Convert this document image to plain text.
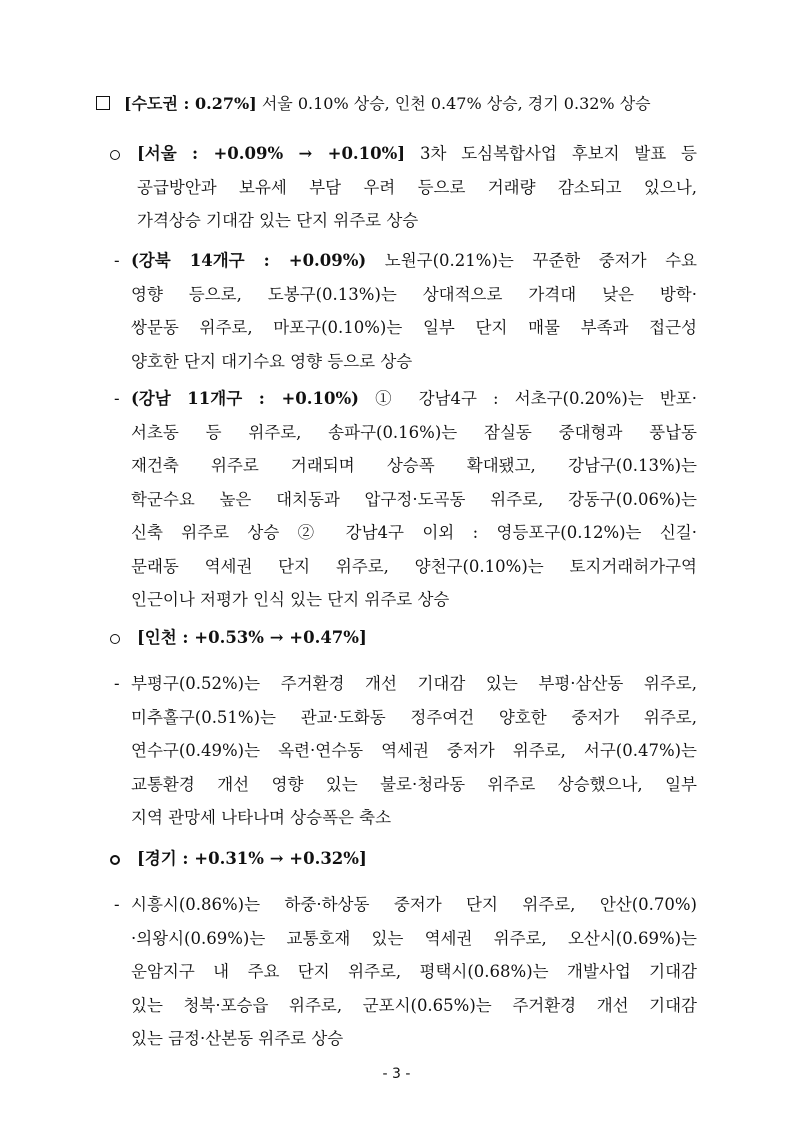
[수도권 : 0.27%] 서울 0.10% 상승, 인천 0.47% 상승, 경기 0.32% 상승
[서울 : +0.09% → +0.10%] 3차 도심복합사업 후보지 발표 등
공급방안과 보유세 부담 우려 등으로 거래량 감소되고 있으나,
가격상승 기대감 있는 단지 위주로 상승
- (강북 14개구 : +0.09%) 노원구(0.21%)는 꾸준한 중저가 수요
영향 등으로, 도봉구(0.13%)는 상대적으로 가격대 낮은 방학·
쌍문동 위주로, 마포구(0.10%)는 일부 단지 매물 부족과 접근성
양호한 단지 대기수요 영향 등으로 상승
- (강남 11개구 : +0.10%) ① 강남4구 : 서초구(0.20%)는 반포·
서초동 등 위주로, 송파구(0.16%)는 잠실동 중대형과 풍납동
재건축 위주로 거래되며 상승폭 확대됐고, 강남구(0.13%)는
학군수요 높은 대치동과 압구정·도곡동 위주로, 강동구(0.06%)는
신축 위주로 상승 ② 강남4구 이외 : 영등포구(0.12%)는 신길·
문래동 역세권 단지 위주로, 양천구(0.10%)는 토지거래허가구역
인근이나 저평가 인식 있는 단지 위주로 상승
[인천 : +0.53% → +0.47%]
- 부평구(0.52%)는 주거환경 개선 기대감 있는 부평·삼산동 위주로,
미추홀구(0.51%)는 관교·도화동 정주여건 양호한 중저가 위주로,
연수구(0.49%)는 옥련·연수동 역세권 중저가 위주로, 서구(0.47%)는
교통환경 개선 영향 있는 불로·청라동 위주로 상승했으나, 일부
지역 관망세 나타나며 상승폭은 축소
[경기 : +0.31% → +0.32%]
- 시흥시(0.86%)는 하중·하상동 중저가 단지 위주로, 안산(0.70%)
·의왕시(0.69%)는 교통호재 있는 역세권 위주로, 오산시(0.69%)는
운암지구 내 주요 단지 위주로, 평택시(0.68%)는 개발사업 기대감
있는 청북·포승읍 위주로, 군포시(0.65%)는 주거환경 개선 기대감
있는 금정·산본동 위주로 상승
- 3 -
